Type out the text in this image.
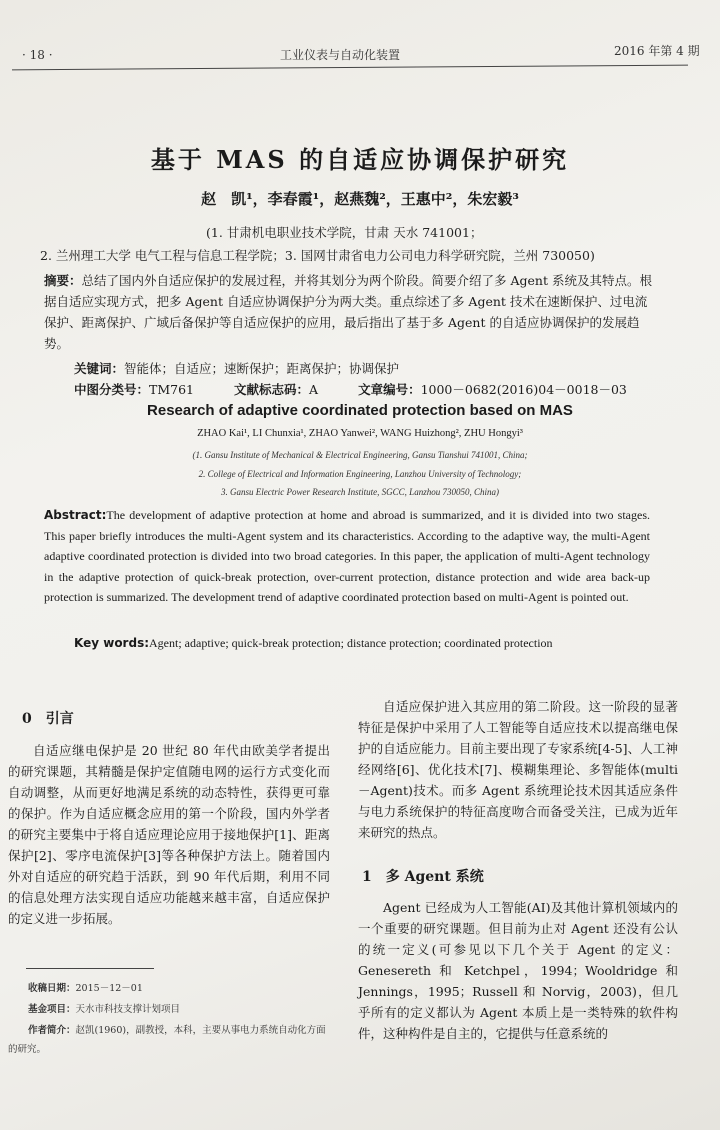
· 18 ·	工业仪表与自动化装置	2016 年第 4 期
基于 MAS 的自适应协调保护研究
赵　凯¹，李春霞¹，赵燕魏²，王惠中²，朱宏毅³
(1. 甘肃机电职业技术学院，甘肃 天水 741001；
2. 兰州理工大学 电气工程与信息工程学院；3. 国网甘肃省电力公司电力科学研究院，兰州 730050)
摘要：总结了国内外自适应保护的发展过程，并将其划分为两个阶段。简要介绍了多 Agent 系统及其特点。根据自适应实现方式，把多 Agent 自适应协调保护分为两大类。重点综述了多 Agent 技术在速断保护、过电流保护、距离保护、广域后备保护等自适应保护的应用，最后指出了基于多 Agent 的自适应协调保护的发展趋势。
关键词：智能体；自适应；速断保护；距离保护；协调保护
中图分类号：TM761	文献标志码：A	文章编号：1000－0682(2016)04－0018－03
Research of adaptive coordinated protection based on MAS
ZHAO Kai¹, LI Chunxia¹, ZHAO Yanwei², WANG Huizhong², ZHU Hongyi³
(1. Gansu Institute of Mechanical & Electrical Engineering, Gansu Tianshui 741001, China;
2. College of Electrical and Information Engineering, Lanzhou University of Technology;
3. Gansu Electric Power Research Institute, SGCC, Lanzhou 730050, China)
Abstract:The development of adaptive protection at home and abroad is summarized, and it is divided into two stages. This paper briefly introduces the multi-Agent system and its characteristics. According to the adaptive way, the multi-Agent adaptive coordinated protection is divided into two broad categories. In this paper, the application of multi-Agent technology in the adaptive protection of quick-break protection, over-current protection, distance protection and wide area back-up protection is summarized. The development trend of adaptive coordinated protection based on multi-Agent is pointed out.
Key words:Agent; adaptive; quick-break protection; distance protection; coordinated protection
0　引言
自适应继电保护是 20 世纪 80 年代由欧美学者提出的研究课题，其精髓是保护定值随电网的运行方式变化而自动调整，从而更好地满足系统的动态特性，获得更可靠的保护。作为自适应概念应用的第一个阶段，国内外学者的研究主要集中于将自适应理论应用于接地保护[1]、距离保护[2]、零序电流保护[3]等各种保护方法上。随着国内外对自适应的研究趋于活跃，到 90 年代后期，利用不同的信息处理方法实现自适应功能越来越丰富，自适应保护的定义进一步拓展。
收稿日期：2015－12－01
基金项目：天水市科技支撑计划项目
作者简介：赵凯(1960)，副教授，本科，主要从事电力系统自动化方面的研究。
自适应保护进入其应用的第二阶段。这一阶段的显著特征是保护中采用了人工智能等自适应技术以提高继电保护的自适应能力。目前主要出现了专家系统[4-5]、人工神经网络[6]、优化技术[7]、模糊集理论、多智能体(multi－Agent)技术。而多 Agent 系统理论技术因其适应条件与电力系统保护的特征高度吻合而备受关注，已成为近年来研究的热点。
1　多 Agent 系统
Agent 已经成为人工智能(AI)及其他计算机领域内的一个重要的研究课题。但目前为止对 Agent 还没有公认的统一定义(可参见以下几个关于 Agent 的定义：Genesereth 和 Ketchpel，1994；Wooldridge 和 Jennings，1995；Russell 和 Norvig，2003)，但几乎所有的定义都认为 Agent 本质上是一类特殊的软件构件，这种构件是自主的，它提供与任意系统的
